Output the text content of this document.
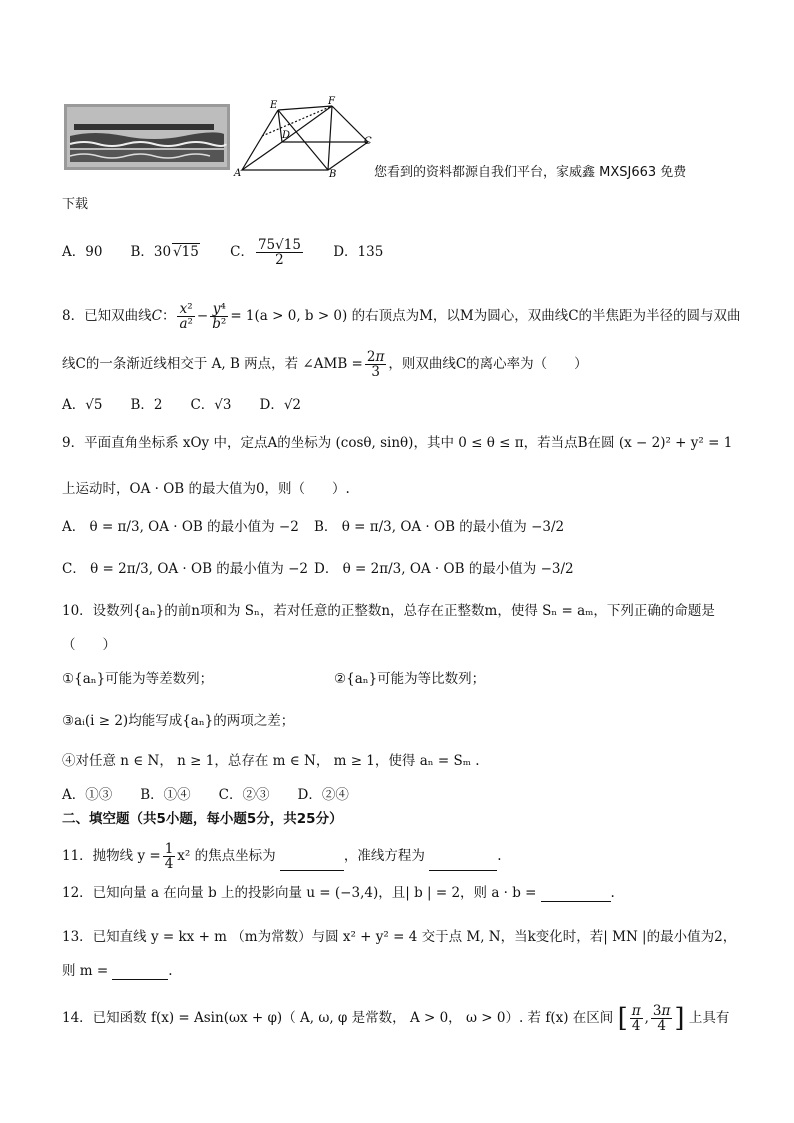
E	F
D
C
A	B	您看到的资料都源自我们平台，家威鑫 MXSJ663 免费
下载
A．90 B．30 √15 C． $\frac{75√15}{2}$ D．135
8．已知双曲线C： $\frac{\text{x²}}{\text{a²}} - \frac{\text{y⁴}}{\text{b²}} = 1(a > 0$, b > 0) 的右顶点为M，以M为圆心，双曲线C的半焦距为半径的圆与双曲
线C的一条渐近线相交于 A, B 两点，若 ∠AMB = $\frac{2\pi}{3}$ ，则双曲线C的离心率为（　　）
A．√5 B．2 C．√3 D．√2
9．平面直角坐标系 xOy 中，定点A的坐标为 (cosθ, sinθ)，其中 0 ≤ θ ≤ π，若当点B在圆 (x − 2)² + y² = 1
上运动时，OA · OB 的最大值为0，则（　　）.
A． θ = π/3, OA · OB 的最小值为 −2 B． θ = π/3, OA · OB 的最小值为 −3/2
C． θ = 2π/3, OA · OB 的最小值为 −2 D． θ = 2π/3, OA · OB 的最小值为 −3/2
10．设数列{aₙ}的前n项和为 Sₙ，若对任意的正整数n，总存在正整数m，使得 Sₙ = aₘ，下列正确的命题是
（　　）
①{aₙ}可能为等差数列；	②{aₙ}可能为等比数列；
③aᵢ(i ≥ 2)均能写成{aₙ}的两项之差；
④对任意 n ∈ N， n ≥ 1，总存在 m ∈ N， m ≥ 1，使得 aₙ = Sₘ .
A．①③ B．①④ C．②③ D．②④
二、填空题（共5小题，每小题5分，共25分）
11．抛物线 $y = \frac{1}{4} x^2$ 的焦点坐标为	，准线方程为	.
12．已知向量 a 在向量 b 上的投影向量 u = (−3,4)，且| b | = 2，则 a · b =	.
13．已知直线 y = kx + m （m为常数）与圆 x² + y² = 4 交于点 M, N，当k变化时，若| MN |的最小值为2，
则 m =	.
14．已知函数 f(x) = Asin(ωx + φ)（ A, ω, φ 是常数， A > 0， ω > 0）. 若 f(x) 在区间 [ $\frac{\pi}{4}$ , $\frac{3\pi}{4}$ ] 上具有
